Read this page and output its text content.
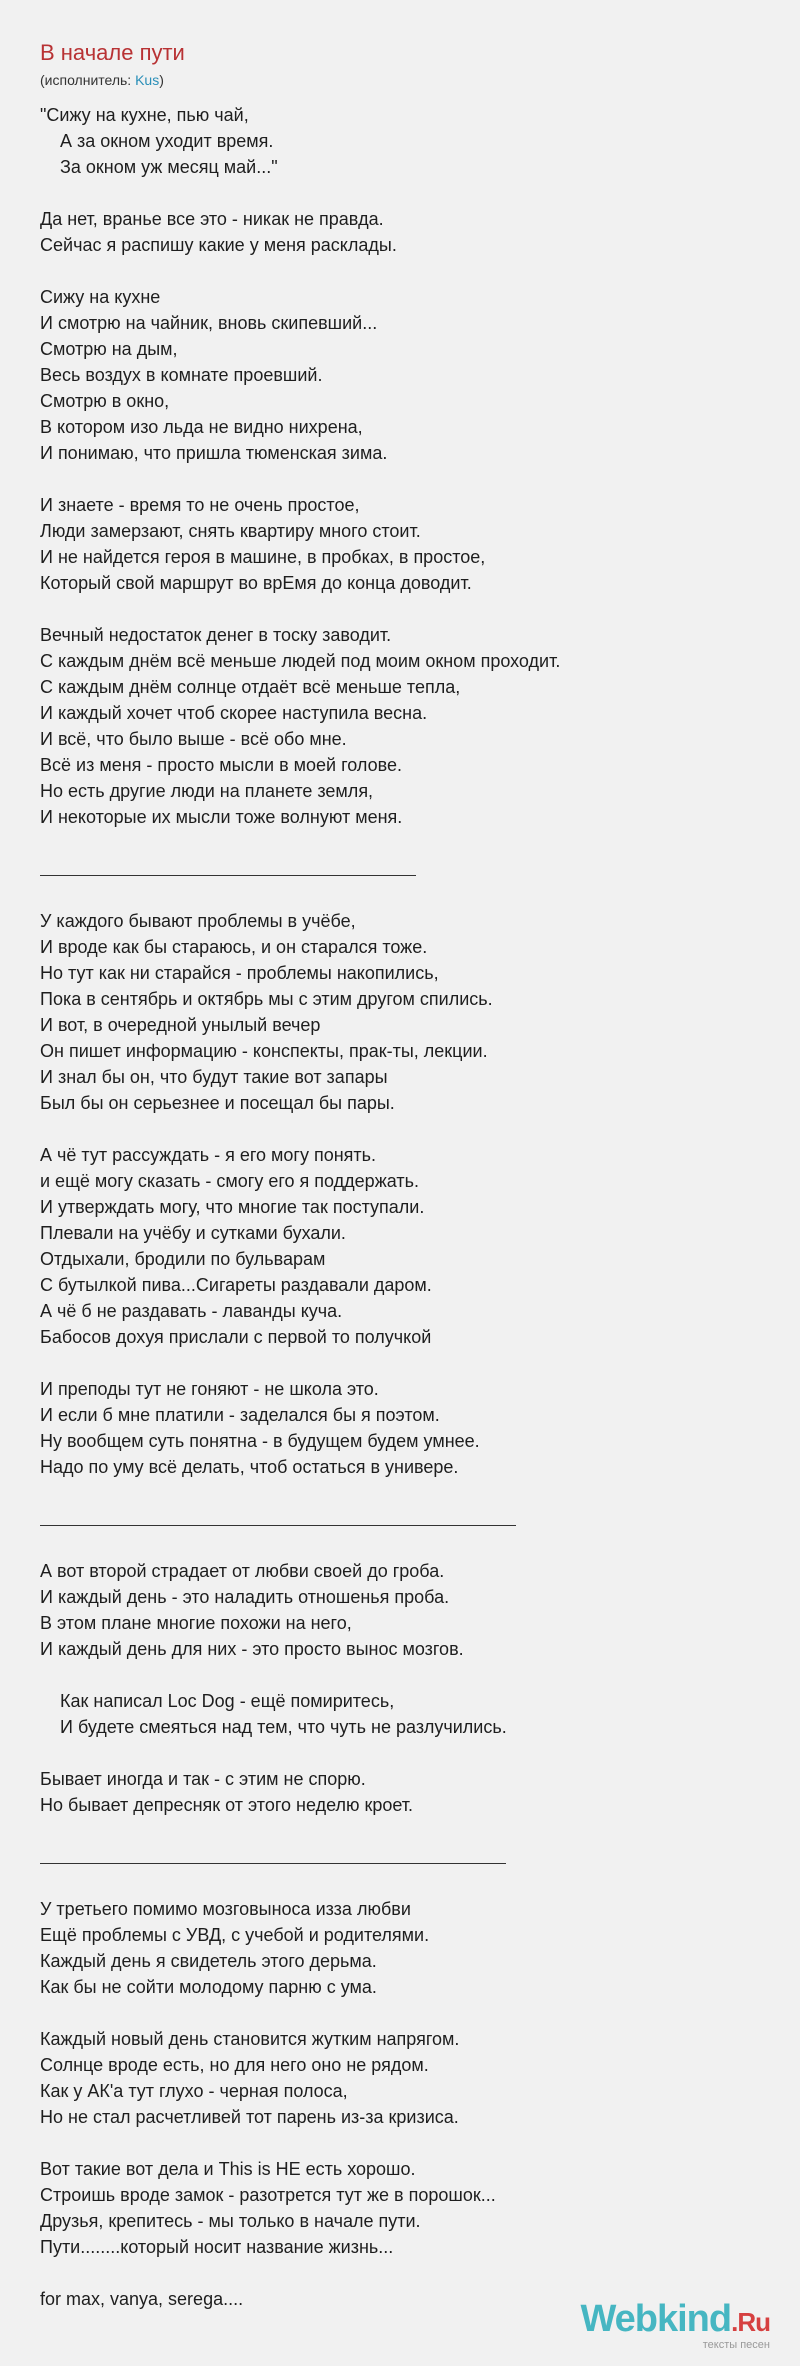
В начале пути
(исполнитель: Kus)
"Сижу на кухне, пью чай,
А за окном уходит время.
За окном уж месяц май..."
Да нет, вранье все это - никак не правда.
Сейчас я распишу какие у меня расклады.
Сижу на кухне
И смотрю на чайник, вновь скипевший...
Смотрю на дым,
Весь воздух в комнате проевший.
Смотрю в окно,
В котором изо льда не видно нихрена,
И понимаю, что пришла тюменская зима.
И знаете - время то не очень простое,
Люди замерзают, снять квартиру много стоит.
И не найдется героя в машине, в пробках, в простое,
Который свой маршрут во врЕмя до конца доводит.
Вечный недостаток денег в тоску заводит.
С каждым днём всё меньше людей под моим окном проходит.
С каждым днём солнце отдаёт всё меньше тепла,
И каждый хочет чтоб скорее наступила весна.
И всё, что было выше - всё обо мне.
Всё из меня - просто мысли в моей голове.
Но есть другие люди на планете земля,
И некоторые их мысли тоже волнуют меня.
У каждого бывают проблемы в учёбе,
И вроде как бы стараюсь, и он старался тоже.
Но тут как ни старайся - проблемы накопились,
Пока в сентябрь и октябрь мы с этим другом спились.
И вот, в очередной унылый вечер
Он пишет информацию - конспекты, прак-ты, лекции.
И знал бы он, что будут такие вот запары
Был бы он серьезнее и посещал бы пары.
А чё тут рассуждать - я его могу понять.
и ещё могу сказать - смогу его я поддержать.
И утверждать могу, что многие так поступали.
Плевали на учёбу и сутками бухали.
Отдыхали, бродили по бульварам
С бутылкой пива...Сигареты раздавали даром.
А чё б не раздавать - лаванды куча.
Бабосов дохуя прислали с первой то получкой
И преподы тут не гоняют - не школа это.
И если б мне платили - заделался бы я поэтом.
Ну вообщем суть понятна - в будущем будем умнее.
Надо по уму всё делать, чтоб остаться в универе.
А вот второй страдает от любви своей до гроба.
И каждый день - это наладить отношенья проба.
В этом плане многие похожи на него,
И каждый день для них - это просто вынос мозгов.
Как написал Loc Dog - ещё помиритесь,
И будете смеяться над тем, что чуть не разлучились.
Бывает иногда и так - с этим не спорю.
Но бывает депресняк от этого неделю кроет.
У третьего помимо мозговыноса изза любви
Ещё проблемы с УВД, с учебой и родителями.
Каждый день я свидетель этого дерьма.
Как бы не сойти молодому парню с ума.
Каждый новый день становится жутким напрягом.
Солнце вроде есть, но для него оно не рядом.
Как у АК'а тут глухо - черная полоса,
Но не стал расчетливей тот парень из-за кризиса.
Вот такие вот дела и This is НЕ есть хорошо.
Строишь вроде замок - разотрется тут же в порошок...
Друзья, крепитесь - мы только в начале пути.
Пути........который носит название жизнь...
for max, vanya, serega....	Webkind.Ru
тексты песен
